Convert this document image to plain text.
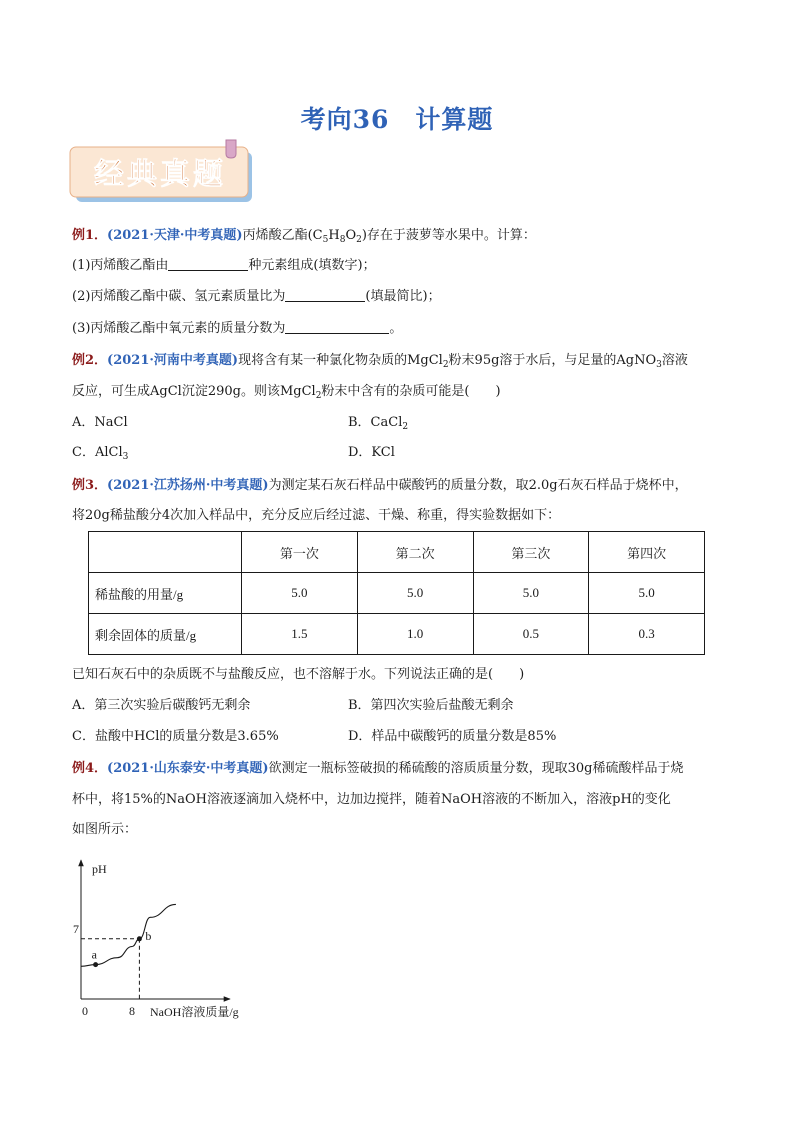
考向36　计算题
经典真题
例1．(2021·天津·中考真题)丙烯酸乙酯$(C_5H_8O_2)$存在于菠萝等水果中。计算：
(1)丙烯酸乙酯由	种元素组成(填数字)；
(2)丙烯酸乙酯中碳、氢元素质量比为	(填最简比)；
(3)丙烯酸乙酯中氧元素的质量分数为	。
例2．(2021·河南中考真题)现将含有某一种氯化物杂质的MgCl$_2$粉末95g溶于水后，与足量的AgNO$_3$溶液
反应，可生成AgCl沉淀290g。则该MgCl$_2$粉末中含有的杂质可能是(　　)
A．NaCl	B．CaCl$_2$
C．AlCl$_3$	D．KCl
例3．(2021·江苏扬州·中考真题)为测定某石灰石样品中碳酸钙的质量分数，取2.0g石灰石样品于烧杯中，
将20g稀盐酸分4次加入样品中，充分反应后经过滤、干燥、称重，得实验数据如下：
	第一次	第二次	第三次	第四次
稀盐酸的用量/g	5.0	5.0	5.0	5.0
剩余固体的质量/g	1.5	1.0	0.5	0.3
已知石灰石中的杂质既不与盐酸反应，也不溶解于水。下列说法正确的是(　　)
A．第三次实验后碳酸钙无剩余	B．第四次实验后盐酸无剩余
C．盐酸中HCl的质量分数是3.65%	D．样品中碳酸钙的质量分数是85%
例4．(2021·山东泰安·中考真题)欲测定一瓶标签破损的稀硫酸的溶质质量分数，现取30g稀硫酸样品于烧
杯中，将15%的NaOH溶液逐滴加入烧杯中，边加边搅拌，随着NaOH溶液的不断加入，溶液pH的变化
如图所示：
pH
NaOH溶液质量/g
0	8
7
a
b
